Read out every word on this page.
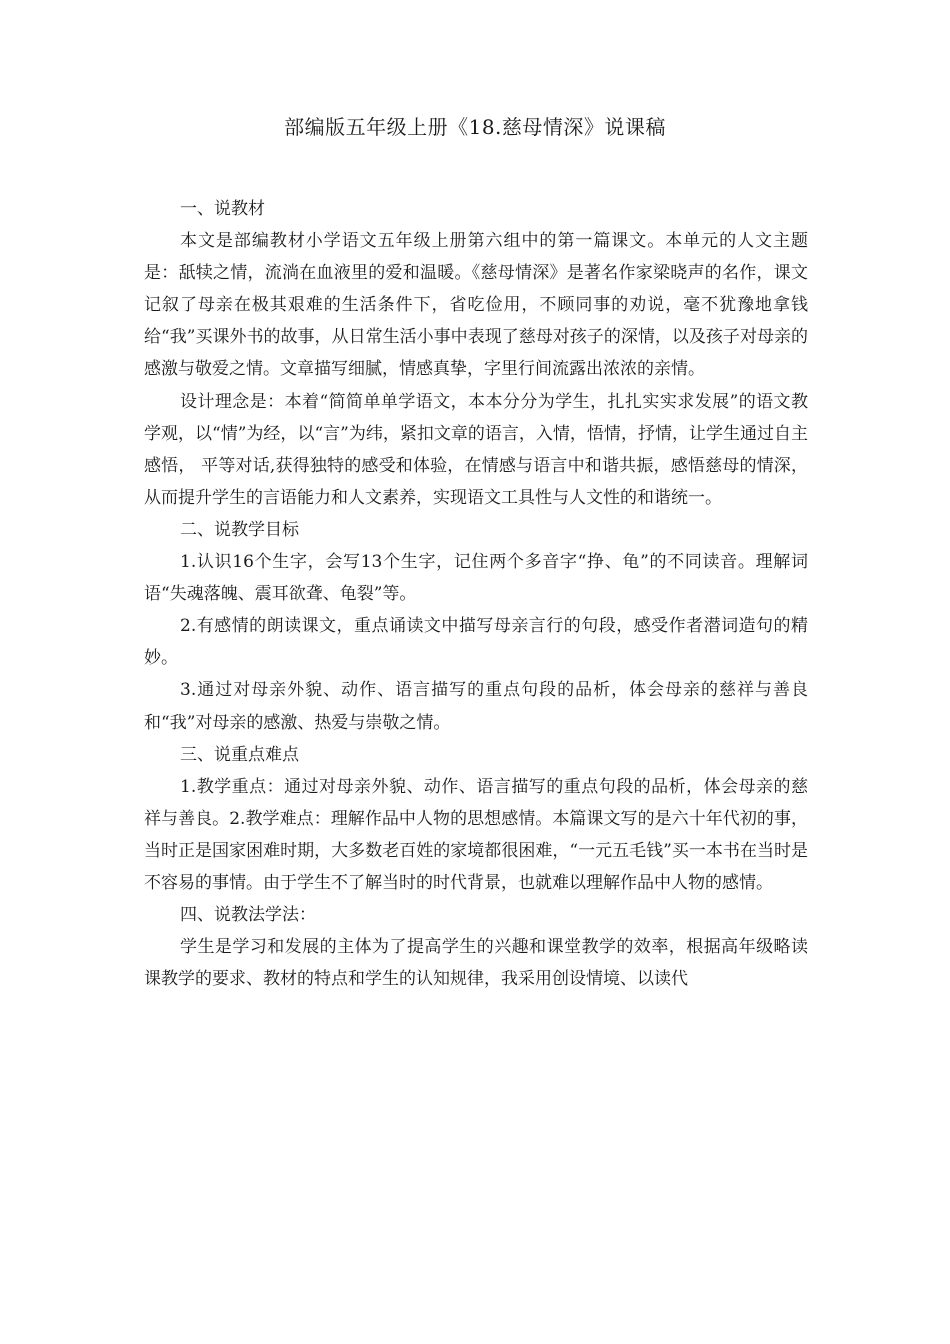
部编版五年级上册《18.慈母情深》说课稿

一、说教材

本文是部编教材小学语文五年级上册第六组中的第一篇课文。本单元的人文主题是：舐犊之情，流淌在血液里的爱和温暖。《慈母情深》是著名作家梁晓声的名作，课文记叙了母亲在极其艰难的生活条件下，省吃俭用，不顾同事的劝说，毫不犹豫地拿钱给“我”买课外书的故事，从日常生活小事中表现了慈母对孩子的深情，以及孩子对母亲的感激与敬爱之情。文章描写细腻，情感真挚，字里行间流露出浓浓的亲情。

设计理念是：本着“简简单单学语文，本本分分为学生，扎扎实实求发展”的语文教学观，以“情”为经，以“言”为纬，紧扣文章的语言，入情，悟情，抒情，让学生通过自主感悟， 平等对话,获得独特的感受和体验，在情感与语言中和谐共振，感悟慈母的情深，从而提升学生的言语能力和人文素养，实现语文工具性与人文性的和谐统一。

二、说教学目标

1.认识16个生字，会写13个生字，记住两个多音字“挣、龟”的不同读音。理解词语“失魂落魄、震耳欲聋、龟裂”等。

2.有感情的朗读课文，重点诵读文中描写母亲言行的句段，感受作者潜词造句的精妙。

3.通过对母亲外貌、动作、语言描写的重点句段的品析，体会母亲的慈祥与善良和“我”对母亲的感激、热爱与崇敬之情。

三、说重点难点

1.教学重点：通过对母亲外貌、动作、语言描写的重点句段的品析，体会母亲的慈祥与善良。2.教学难点：理解作品中人物的思想感情。本篇课文写的是六十年代初的事，当时正是国家困难时期，大多数老百姓的家境都很困难，“一元五毛钱”买一本书在当时是不容易的事情。由于学生不了解当时的时代背景，也就难以理解作品中人物的感情。

四、说教法学法：

学生是学习和发展的主体为了提高学生的兴趣和课堂教学的效率，根据高年级略读课教学的要求、教材的特点和学生的认知规律，我采用创设情境、以读代
